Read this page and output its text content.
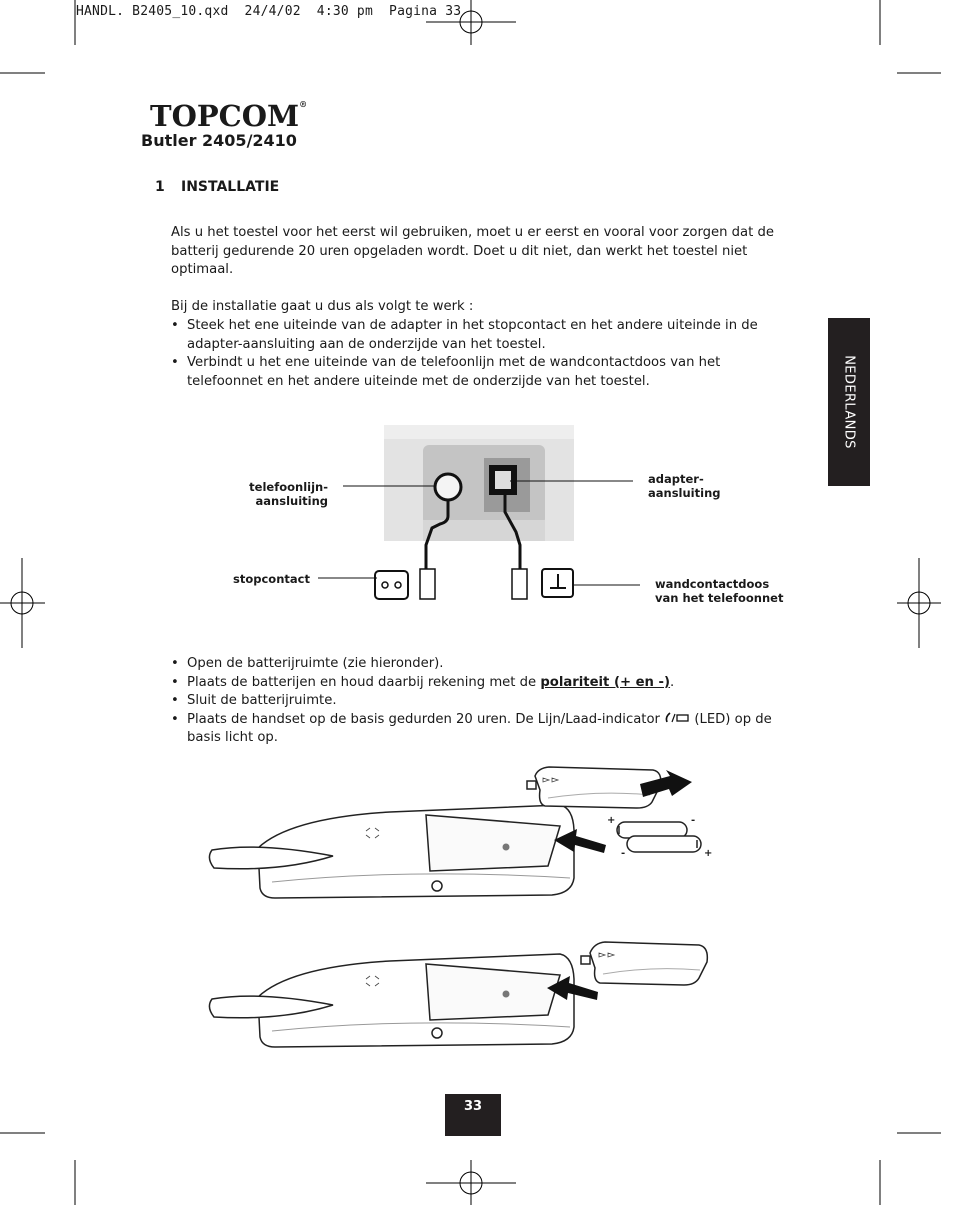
HANDL. B2405_10.qxd  24/4/02  4:30 pm  Pagina 33
TOPCOM®
Butler 2405/2410
1 INSTALLATIE
Als u het toestel voor het eerst wil gebruiken, moet u er eerst en vooral voor zorgen dat de
batterij gedurende 20 uren opgeladen wordt. Doet u dit niet, dan werkt het toestel niet
optimaal.
Bij de installatie gaat u dus als volgt te werk :
• Steek het ene uiteinde van de adapter in het stopcontact en het andere uiteinde in de adapter-aansluiting aan de onderzijde van het toestel.
• Verbindt u het ene uiteinde van de telefoonlijn met de wandcontactdoos van het telefoonnet en het andere uiteinde met de onderzijde van het toestel.	NEDERLANDS
telefoonlijn-
aansluiting
adapter-
aansluiting
stopcontact	wandcontactdoos
van het telefoonnet
• Open de batterijruimte (zie hieronder).
• Plaats de batterijen en houd daarbij rekening met de polariteit (+ en -).
• Sluit de batterijruimte.
• Plaats de handset op de basis gedurden 20 uren. De Lijn/Laad-indicator  (LED) op de
basis licht op.
+	-
-	+
33
